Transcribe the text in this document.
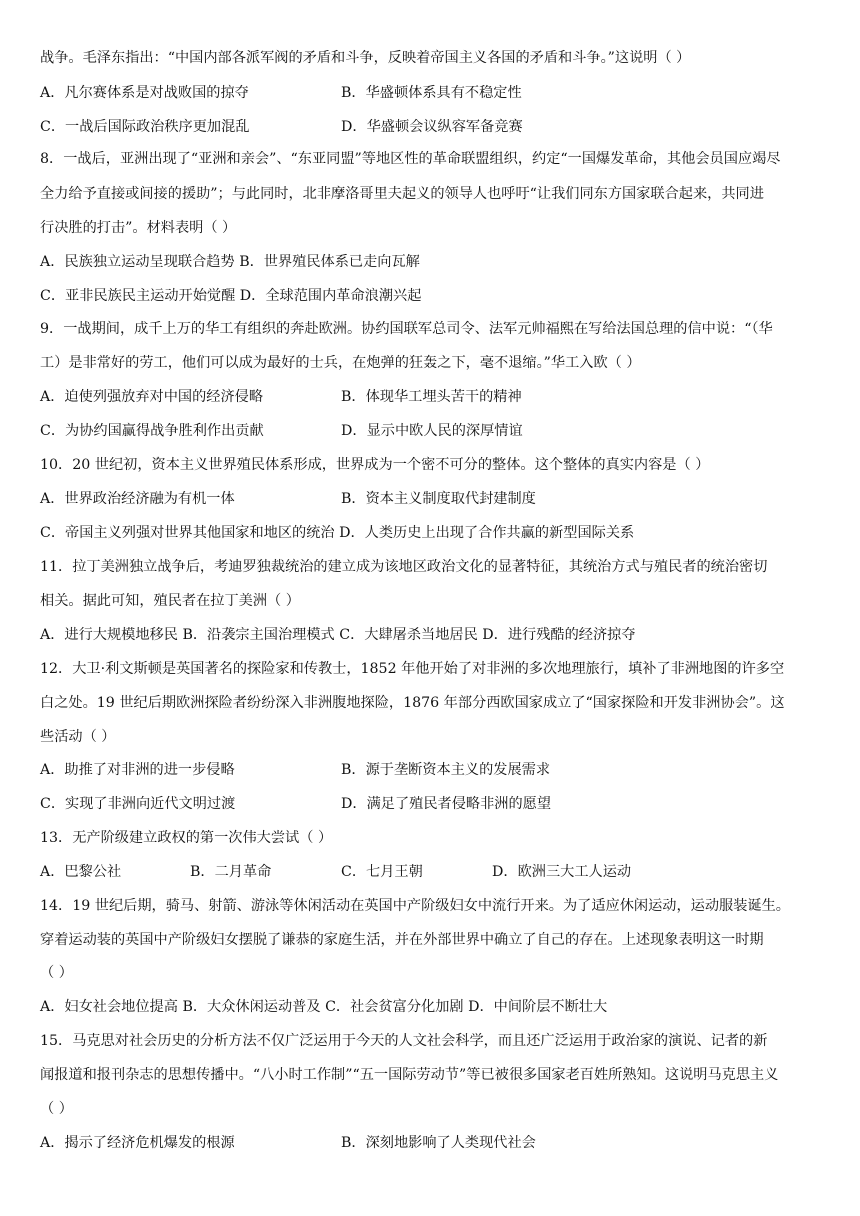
战争。毛泽东指出：“中国内部各派军阀的矛盾和斗争，反映着帝国主义各国的矛盾和斗争。”这说明（ ）
A．凡尔赛体系是对战败国的掠夺	B．华盛顿体系具有不稳定性
C．一战后国际政治秩序更加混乱	D．华盛顿会议纵容军备竞赛
8．一战后，亚洲出现了“亚洲和亲会”、“东亚同盟”等地区性的革命联盟组织，约定“一国爆发革命，其他会员国应竭尽
全力给予直接或间接的援助”；与此同时，北非摩洛哥里夫起义的领导人也呼吁“让我们同东方国家联合起来，共同进
行决胜的打击”。材料表明（ ）
A．民族独立运动呈现联合趋势 B．世界殖民体系已走向瓦解
C．亚非民族民主运动开始觉醒 D．全球范围内革命浪潮兴起
9．一战期间，成千上万的华工有组织的奔赴欧洲。协约国联军总司令、法军元帅福熙在写给法国总理的信中说：“（华
工）是非常好的劳工，他们可以成为最好的士兵，在炮弹的狂轰之下，毫不退缩。”华工入欧（ ）
A．迫使列强放弃对中国的经济侵略	B．体现华工埋头苦干的精神
C．为协约国赢得战争胜利作出贡献	D．显示中欧人民的深厚情谊
10．20 世纪初，资本主义世界殖民体系形成，世界成为一个密不可分的整体。这个整体的真实内容是（ ）
A．世界政治经济融为有机一体	B．资本主义制度取代封建制度
C．帝国主义列强对世界其他国家和地区的统治 D．人类历史上出现了合作共赢的新型国际关系
11．拉丁美洲独立战争后，考迪罗独裁统治的建立成为该地区政治文化的显著特征，其统治方式与殖民者的统治密切
相关。据此可知，殖民者在拉丁美洲（ ）
A．进行大规模地移民 B．沿袭宗主国治理模式 C．大肆屠杀当地居民 D．进行残酷的经济掠夺
12．大卫·利文斯顿是英国著名的探险家和传教士，1852 年他开始了对非洲的多次地理旅行，填补了非洲地图的许多空
白之处。19 世纪后期欧洲探险者纷纷深入非洲腹地探险，1876 年部分西欧国家成立了“国家探险和开发非洲协会”。这
些活动（ ）
A．助推了对非洲的进一步侵略	B．源于垄断资本主义的发展需求
C．实现了非洲向近代文明过渡	D．满足了殖民者侵略非洲的愿望
13．无产阶级建立政权的第一次伟大尝试（ ）
A．巴黎公社	B．二月革命	C．七月王朝	D．欧洲三大工人运动
14．19 世纪后期，骑马、射箭、游泳等休闲活动在英国中产阶级妇女中流行开来。为了适应休闲运动，运动服装诞生。
穿着运动装的英国中产阶级妇女摆脱了谦恭的家庭生活，并在外部世界中确立了自己的存在。上述现象表明这一时期
（ ）
A．妇女社会地位提高 B．大众休闲运动普及 C．社会贫富分化加剧 D．中间阶层不断壮大
15．马克思对社会历史的分析方法不仅广泛运用于今天的人文社会科学，而且还广泛运用于政治家的演说、记者的新
闻报道和报刊杂志的思想传播中。“八小时工作制”“五一国际劳动节”等已被很多国家老百姓所熟知。这说明马克思主义
（ ）
A．揭示了经济危机爆发的根源	B．深刻地影响了人类现代社会
